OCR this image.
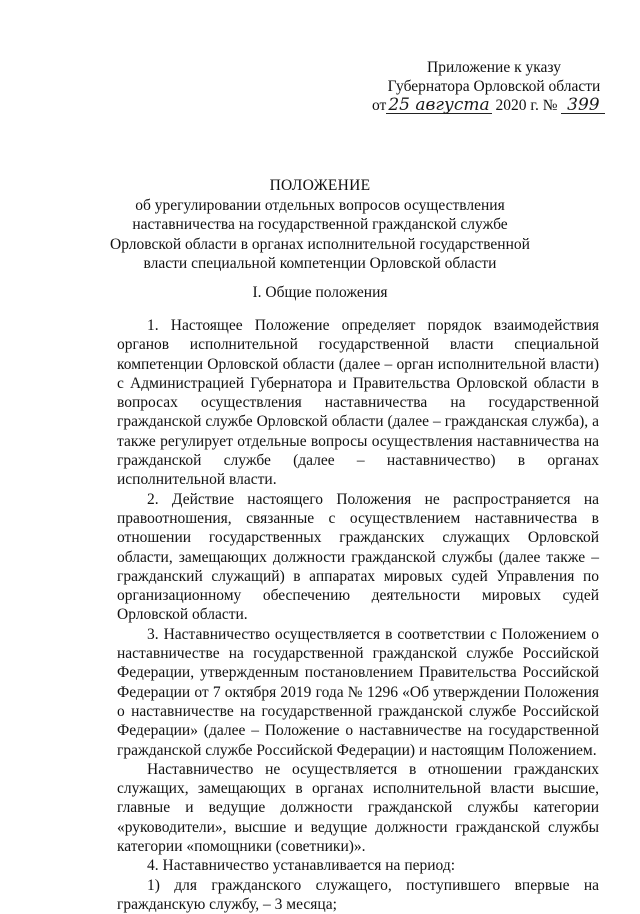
Приложение к указу
Губернатора Орловской области
от 25 августа 2020 г. № 399
ПОЛОЖЕНИЕ
об урегулировании отдельных вопросов осуществления
наставничества на государственной гражданской службе
Орловской области в органах исполнительной государственной
власти специальной компетенции Орловской области
I. Общие положения

1. Настоящее Положение определяет порядок взаимодействия органов исполнительной государственной власти специальной компетенции Орловской области (далее – орган исполнительной власти) с Администрацией Губернатора и Правительства Орловской области в вопросах осуществления наставничества на государственной гражданской службе Орловской области (далее – гражданская служба), а также регулирует отдельные вопросы осуществления наставничества на гражданской службе (далее – наставничество) в органах исполнительной власти.

2. Действие настоящего Положения не распространяется на правоотношения, связанные с осуществлением наставничества в отношении государственных гражданских служащих Орловской области, замещающих должности гражданской службы (далее также – гражданский служащий) в аппаратах мировых судей Управления по организационному обеспечению деятельности мировых судей Орловской области.

3. Наставничество осуществляется в соответствии с Положением о наставничестве на государственной гражданской службе Российской Федерации, утвержденным постановлением Правительства Российской Федерации от 7 октября 2019 года № 1296 «Об утверждении Положения о наставничестве на государственной гражданской службе Российской Федерации» (далее – Положение о наставничестве на государственной гражданской службе Российской Федерации) и настоящим Положением.

Наставничество не осуществляется в отношении гражданских служащих, замещающих в органах исполнительной власти высшие, главные и ведущие должности гражданской службы категории «руководители», высшие и ведущие должности гражданской службы категории «помощники (советники)».

4. Наставничество устанавливается на период:

1) для гражданского служащего, поступившего впервые на гражданскую службу, – 3 месяца;
